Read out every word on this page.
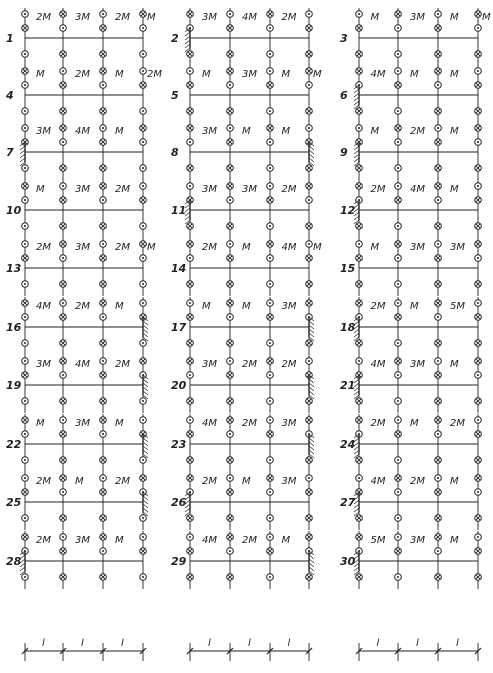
1
2M 3M	2M M
2
3M	4M 2M
3
M	3M	M M
4
M	2M	M 2M
5
M	3M M M
6
4M M	M
7
3M 4M	M
8
3M	M	M
9
M	2M	M
10
M	3M	2M
11
3M	3M 2M
12
2M 4M	M
13
2M 3M	2M M
14
2M	M	4M M
15
M	3M	3M
16
4M 2M	M
17
M	M	3M
18
2M M	5M
19
3M 4M	2M
20
3M	2M 2M
21
4M 3M	M
22
M	3M	M
23
4M	2M 3M
24
2M M	2M
25
2M M	2M
26
2M	M	3M
27
4M 2M	M
28
2M 3M	M
29
4M	2M M
30
5M 3M	M
l	l	l	l	l	l	l	l	l
